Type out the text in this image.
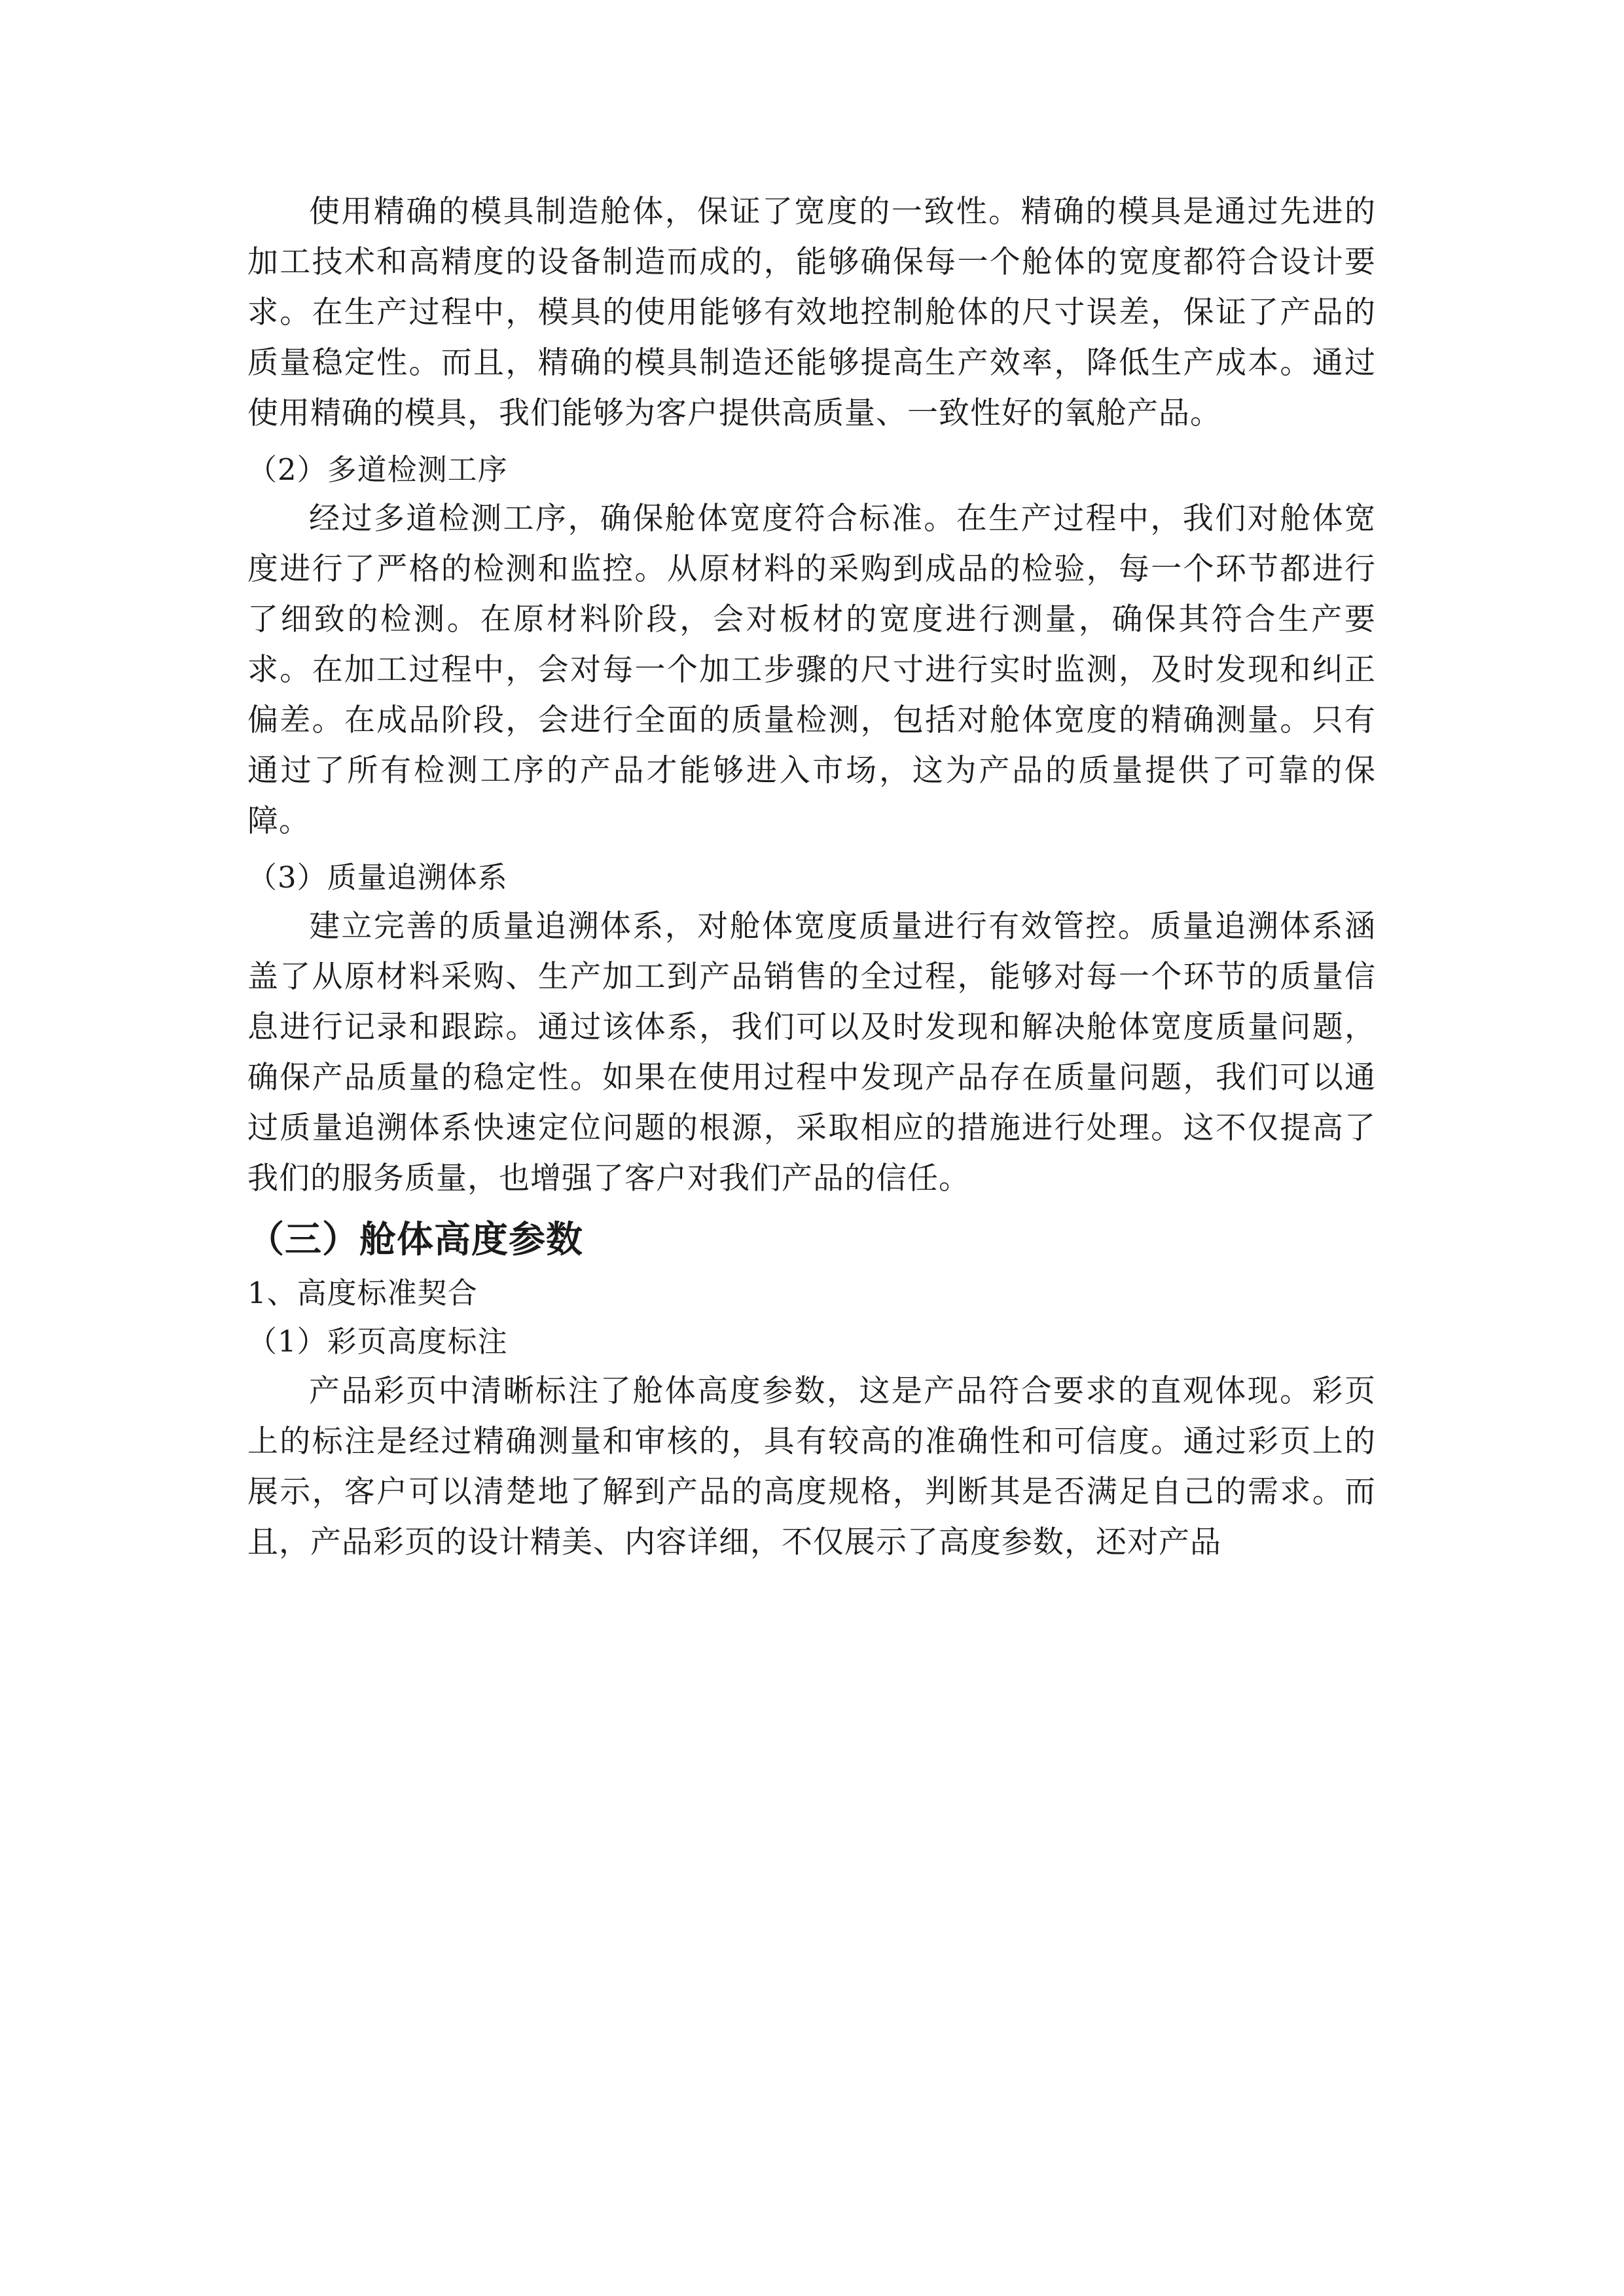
使用精确的模具制造舱体，保证了宽度的一致性。精确的模具是通过先进的加工技术和高精度的设备制造而成的，能够确保每一个舱体的宽度都符合设计要求。在生产过程中，模具的使用能够有效地控制舱体的尺寸误差，保证了产品的质量稳定性。而且，精确的模具制造还能够提高生产效率，降低生产成本。通过使用精确的模具，我们能够为客户提供高质量、一致性好的氧舱产品。

（2）多道检测工序

经过多道检测工序，确保舱体宽度符合标准。在生产过程中，我们对舱体宽度进行了严格的检测和监控。从原材料的采购到成品的检验，每一个环节都进行了细致的检测。在原材料阶段，会对板材的宽度进行测量，确保其符合生产要求。在加工过程中，会对每一个加工步骤的尺寸进行实时监测，及时发现和纠正偏差。在成品阶段，会进行全面的质量检测，包括对舱体宽度的精确测量。只有通过了所有检测工序的产品才能够进入市场，这为产品的质量提供了可靠的保障。

（3）质量追溯体系

建立完善的质量追溯体系，对舱体宽度质量进行有效管控。质量追溯体系涵盖了从原材料采购、生产加工到产品销售的全过程，能够对每一个环节的质量信息进行记录和跟踪。通过该体系，我们可以及时发现和解决舱体宽度质量问题，确保产品质量的稳定性。如果在使用过程中发现产品存在质量问题，我们可以通过质量追溯体系快速定位问题的根源，采取相应的措施进行处理。这不仅提高了我们的服务质量，也增强了客户对我们产品的信任。

（三）舱体高度参数

1、高度标准契合

（1）彩页高度标注

产品彩页中清晰标注了舱体高度参数，这是产品符合要求的直观体现。彩页上的标注是经过精确测量和审核的，具有较高的准确性和可信度。通过彩页上的展示，客户可以清楚地了解到产品的高度规格，判断其是否满足自己的需求。而且，产品彩页的设计精美、内容详细，不仅展示了高度参数，还对产品
